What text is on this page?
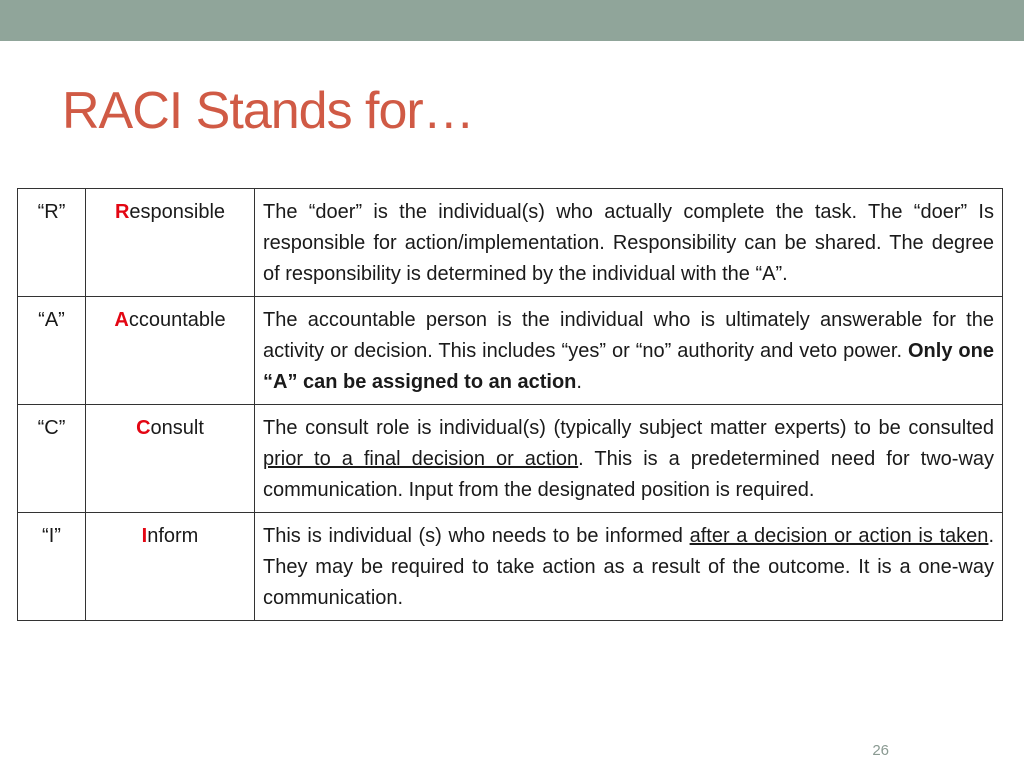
RACI Stands for…
“R”	Responsible	The “doer” is the individual(s) who actually complete the task. The “doer” Is responsible for action/implementation. Responsibility can be shared. The degree of responsibility is determined by the individual with the “A”.
“A”	Accountable	The accountable person is the individual who is ultimately answerable for the activity or decision. This includes “yes” or “no” authority and veto power. Only one “A” can be assigned to an action.
“C”	Consult	The consult role is individual(s) (typically subject matter experts) to be consulted prior to a final decision or action. This is a predetermined need for two-way communication. Input from the designated position is required.
“I”	Inform	This is individual (s) who needs to be informed after a decision or action is taken. They may be required to take action as a result of the outcome. It is a one-way communication.
26
